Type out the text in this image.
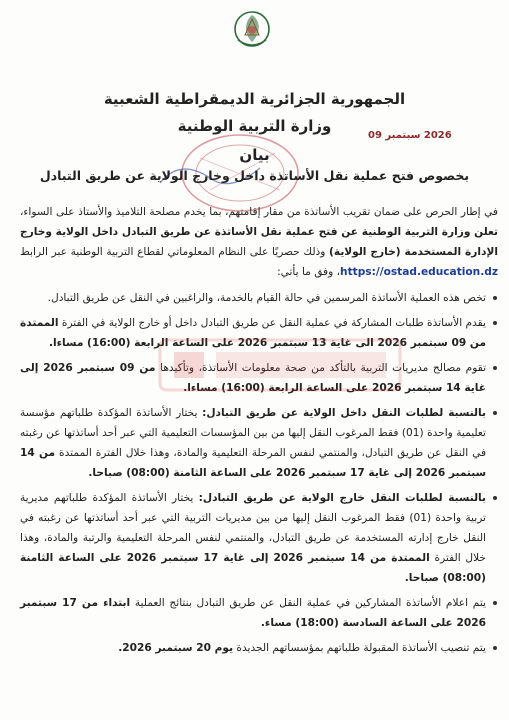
الجمهورية الجزائرية الديمقراطية الشعبية
وزارة التربية الوطنية
2026 سبتمبر 09
بيان
بخصوص فتح عملية نقل الأساتذة داخل وخارج الولاية عن طريق التبادل

في إطار الحرص على ضمان تقريب الأساتذة من مقار إقامتهم، بما يخدم مصلحة التلاميذ والأستاذ على السواء، تعلن وزارة التربية الوطنية عن فتح عملية نقل الأساتذة عن طريق التبادل داخل الولاية وخارج الإدارة المستخدمة (خارج الولاية) وذلك حصريًا على النظام المعلوماتي لقطاع التربية الوطنية عبر الرابط https://ostad.education.dz، وفق ما يأتي:

تخص هذه العملية الأساتذة المرسمين في حالة القيام بالخدمة، والراغبين في النقل عن طريق التبادل.
يقدم الأساتذة طلبات المشاركة في عملية النقل عن طريق التبادل داخل أو خارج الولاية في الفترة الممتدة من 09 سبتمبر 2026 الى غاية 13 سبتمبر 2026 على الساعة الرابعة (16:00) مساءا.
تقوم مصالح مديريات التربية بالتأكد من صحة معلومات الأساتذة، وتأكيدها من 09 سبتمبر 2026 إلى غاية 14 سبتمبر 2026 على الساعة الرابعة (16:00) مساءا.
بالنسبة لطلبات النقل داخل الولاية عن طريق التبادل: يختار الأساتذة المؤكدة طلباتهم مؤسسة تعليمية واحدة (01) فقط المرغوب النقل إليها من بين المؤسسات التعليمية التي عبر أحد أساتذتها عن رغبته في النقل عن طريق التبادل، والمنتمي لنفس المرحلة التعليمية والمادة، وهذا خلال الفترة الممتدة من 14 سبتمبر 2026 إلى غاية 17 سبتمبر 2026 على الساعة الثامنة (08:00) صباحا.
بالنسبة لطلبات النقل خارج الولاية عن طريق التبادل: يختار الأساتذة المؤكدة طلباتهم مديرية تربية واحدة (01) فقط المرغوب النقل إليها من بين مديريات التربية التي عبر أحد أساتذتها عن رغبته في النقل خارج إدارته المستخدمة عن طريق التبادل، والمنتمي لنفس المرحلة التعليمية والرتبة والمادة، وهذا خلال الفترة الممتدة من 14 سبتمبر 2026 إلى غاية 17 سبتمبر 2026 على الساعة الثامنة (08:00) صباحا.
يتم اعلام الأساتذة المشاركين في عملية النقل عن طريق التبادل بنتائج العملية ابتداء من 17 سبتمبر 2026 على الساعة السادسة (18:00) مساء.
يتم تنصيب الأساتذة المقبولة طلباتهم بمؤسساتهم الجديدة يوم 20 سبتمبر 2026.
